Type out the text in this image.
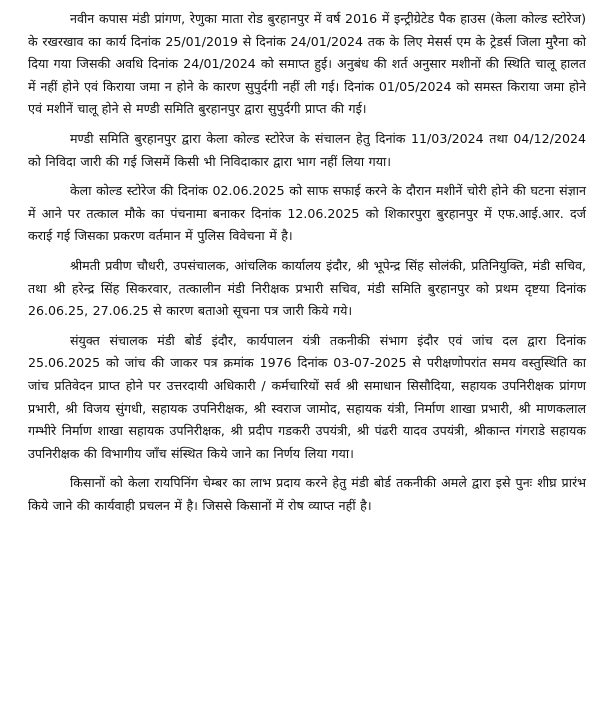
नवीन कपास मंडी प्रांगण, रेणुका माता रोड बुरहानपुर में वर्ष 2016 में इन्ट्रीग्रेटेड पैक हाउस (केला कोल्ड स्टोरेज) के रखरखाव का कार्य दिनांक 25/01/2019 से दिनांक 24/01/2024 तक के लिए मेसर्स एम के ट्रेडर्स जिला मुरैना को दिया गया जिसकी अवधि दिनांक 24/01/2024 को समाप्त हुई। अनुबंध की शर्त अनुसार मशीनों की स्थिति चालू हालत में नहीं होने एवं किराया जमा न होने के कारण सुपुर्दगी नहीं ली गई। दिनांक 01/05/2024 को समस्त किराया जमा होने एवं मशीनें चालू होने से मण्डी समिति बुरहानपुर द्वारा सुपुर्दगी प्राप्त की गई।

मण्डी समिति बुरहानपुर द्वारा केला कोल्ड स्टोरेज के संचालन हेतु दिनांक 11/03/2024 तथा 04/12/2024 को निविदा जारी की गई जिसमें किसी भी निविदाकार द्वारा भाग नहीं लिया गया।

केला कोल्ड स्टोरेज की दिनांक 02.06.2025 को साफ सफाई करने के दौरान मशीनें चोरी होने की घटना संज्ञान में आने पर तत्काल मौके का पंचनामा बनाकर दिनांक 12.06.2025 को शिकारपुरा बुरहानपुर में एफ.आई.आर. दर्ज कराई गई जिसका प्रकरण वर्तमान में पुलिस विवेचना में है।

श्रीमती प्रवीण चौधरी, उपसंचालक, आंचलिक कार्यालय इंदौर, श्री भूपेन्द्र सिंह सोलंकी, प्रतिनियुक्ति, मंडी सचिव, तथा श्री हरेन्द्र सिंह सिकरवार, तत्कालीन मंडी निरीक्षक प्रभारी सचिव, मंडी समिति बुरहानपुर को प्रथम दृष्टया दिनांक 26.06.25, 27.06.25 से कारण बताओ सूचना पत्र जारी किये गये।

संयुक्त संचालक मंडी बोर्ड इंदौर, कार्यपालन यंत्री तकनीकी संभाग इंदौर एवं जांच दल द्वारा दिनांक 25.06.2025 को जांच की जाकर पत्र क्रमांक 1976 दिनांक 03-07-2025 से परीक्षणोपरांत समय वस्तुस्थिति का जांच प्रतिवेदन प्राप्त होने पर उत्तरदायी अधिकारी / कर्मचारियों सर्व श्री समाधान सिसौदिया, सहायक उपनिरीक्षक प्रांगण प्रभारी, श्री विजय सुंगधी, सहायक उपनिरीक्षक, श्री स्वराज जामोद, सहायक यंत्री, निर्माण शाखा प्रभारी, श्री माणकलाल गम्भीरे निर्माण शाखा सहायक उपनिरीक्षक, श्री प्रदीप गडकरी उपयंत्री, श्री पंढरी यादव उपयंत्री, श्रीकान्त गंगराडे सहायक उपनिरीक्षक की विभागीय जाँच संस्थित किये जाने का निर्णय लिया गया।

किसानों को केला रायपिनिंग चेम्बर का लाभ प्रदाय करने हेतु मंडी बोर्ड तकनीकी अमले द्वारा इसे पुनः शीघ्र प्रारंभ किये जाने की कार्यवाही प्रचलन में है। जिससे किसानों में रोष व्याप्त नहीं है।
